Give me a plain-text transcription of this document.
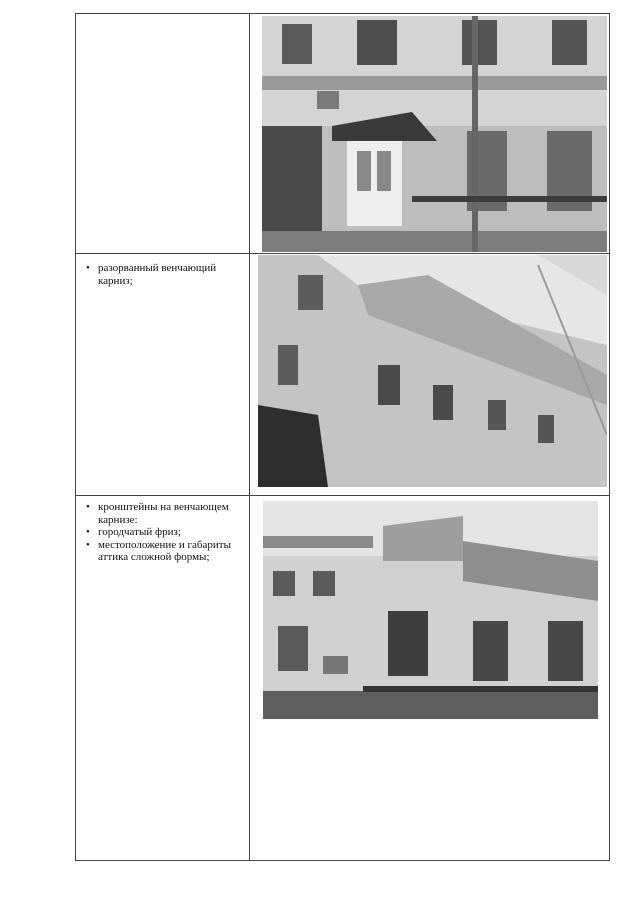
• разорванный венчающий карниз;
• кронштейны на венчающем карнизе:
• городчатый фриз;
• местоположение и габариты аттика сложной формы;
